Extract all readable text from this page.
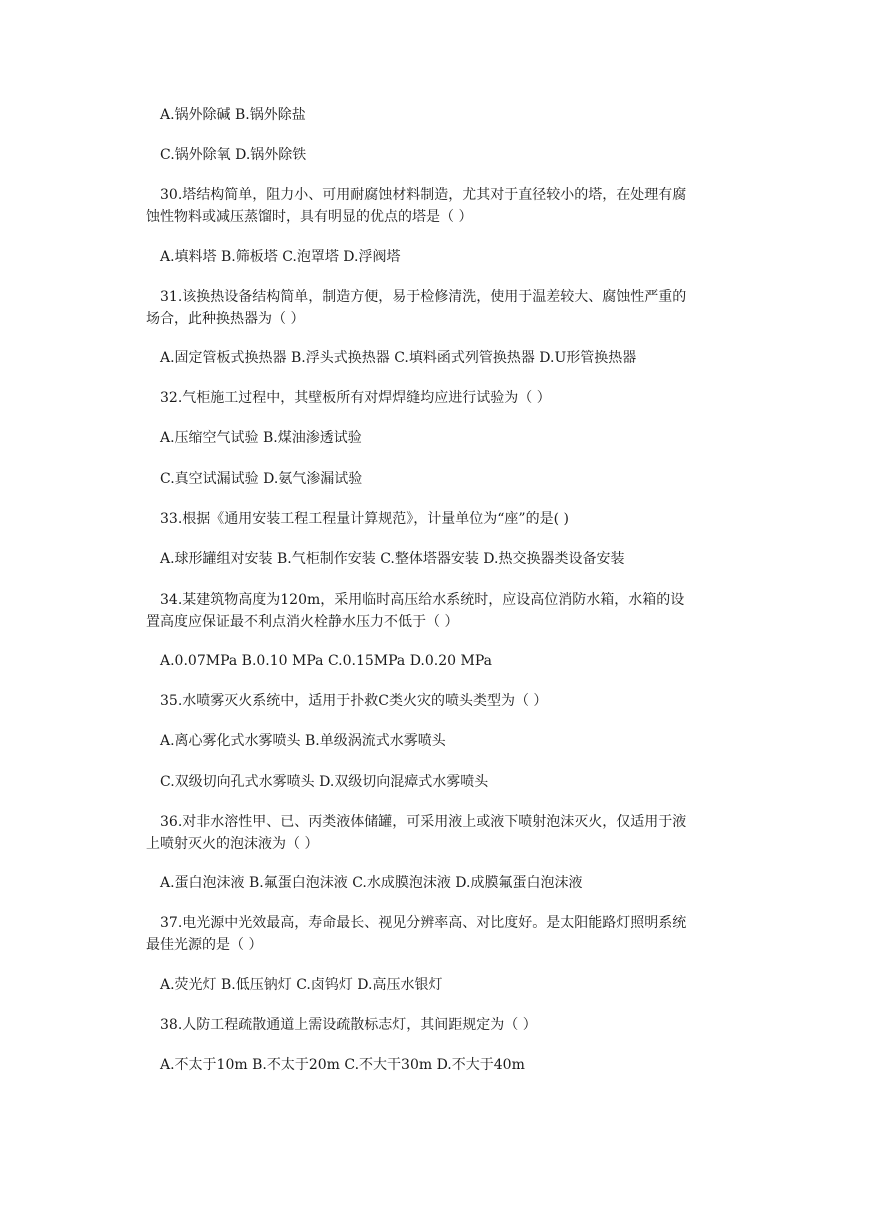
A.锅外除碱 B.锅外除盐

C.锅外除氧 D.锅外除铁

30.塔结构简单，阻力小、可用耐腐蚀材料制造，尤其对于直径较小的塔，在处理有腐
蚀性物料或减压蒸馏时，具有明显的优点的塔是（ ）

A.填料塔 B.筛板塔 C.泡罩塔 D.浮阀塔

31.该换热设备结构简单，制造方便，易于检修清洗，使用于温差较大、腐蚀性严重的
场合，此种换热器为（ ）

A.固定管板式换热器 B.浮头式换热器 C.填料函式列管换热器 D.U形管换热器

32.气柜施工过程中，其壁板所有对焊焊缝均应进行试验为（ ）

A.压缩空气试验 B.煤油渗透试验

C.真空试漏试验 D.氨气渗漏试验

33.根据《通用安装工程工程量计算规范》，计量单位为“座”的是( )

A.球形罐组对安装 B.气柜制作安装 C.整体塔器安装 D.热交换器类设备安装

34.某建筑物高度为120m，采用临时高压给水系统时，应设高位消防水箱，水箱的设
置高度应保证最不利点消火栓静水压力不低于（ ）

A.0.07MPa B.0.10 MPa C.0.15MPa D.0.20 MPa

35.水喷雾灭火系统中，适用于扑救C类火灾的喷头类型为（ ）

A.离心雾化式水雾喷头 B.单级涡流式水雾喷头

C.双级切向孔式水雾喷头 D.双级切向混瘴式水雾喷头

36.对非水溶性甲、已、丙类液体储罐，可采用液上或液下喷射泡沫灭火，仅适用于液
上喷射灭火的泡沫液为（ ）

A.蛋白泡沫液 B.氟蛋白泡沫液 C.水成膜泡沫液 D.成膜氟蛋白泡沫液

37.电光源中光效最高，寿命最长、视见分辨率高、对比度好。是太阳能路灯照明系统
最佳光源的是（ ）

A.荧光灯 B.低压钠灯 C.卤钨灯 D.高压水银灯

38.人防工程疏散通道上需设疏散标志灯，其间距规定为（ ）

A.不太于10m B.不太于20m C.不大干30m D.不大于40m
